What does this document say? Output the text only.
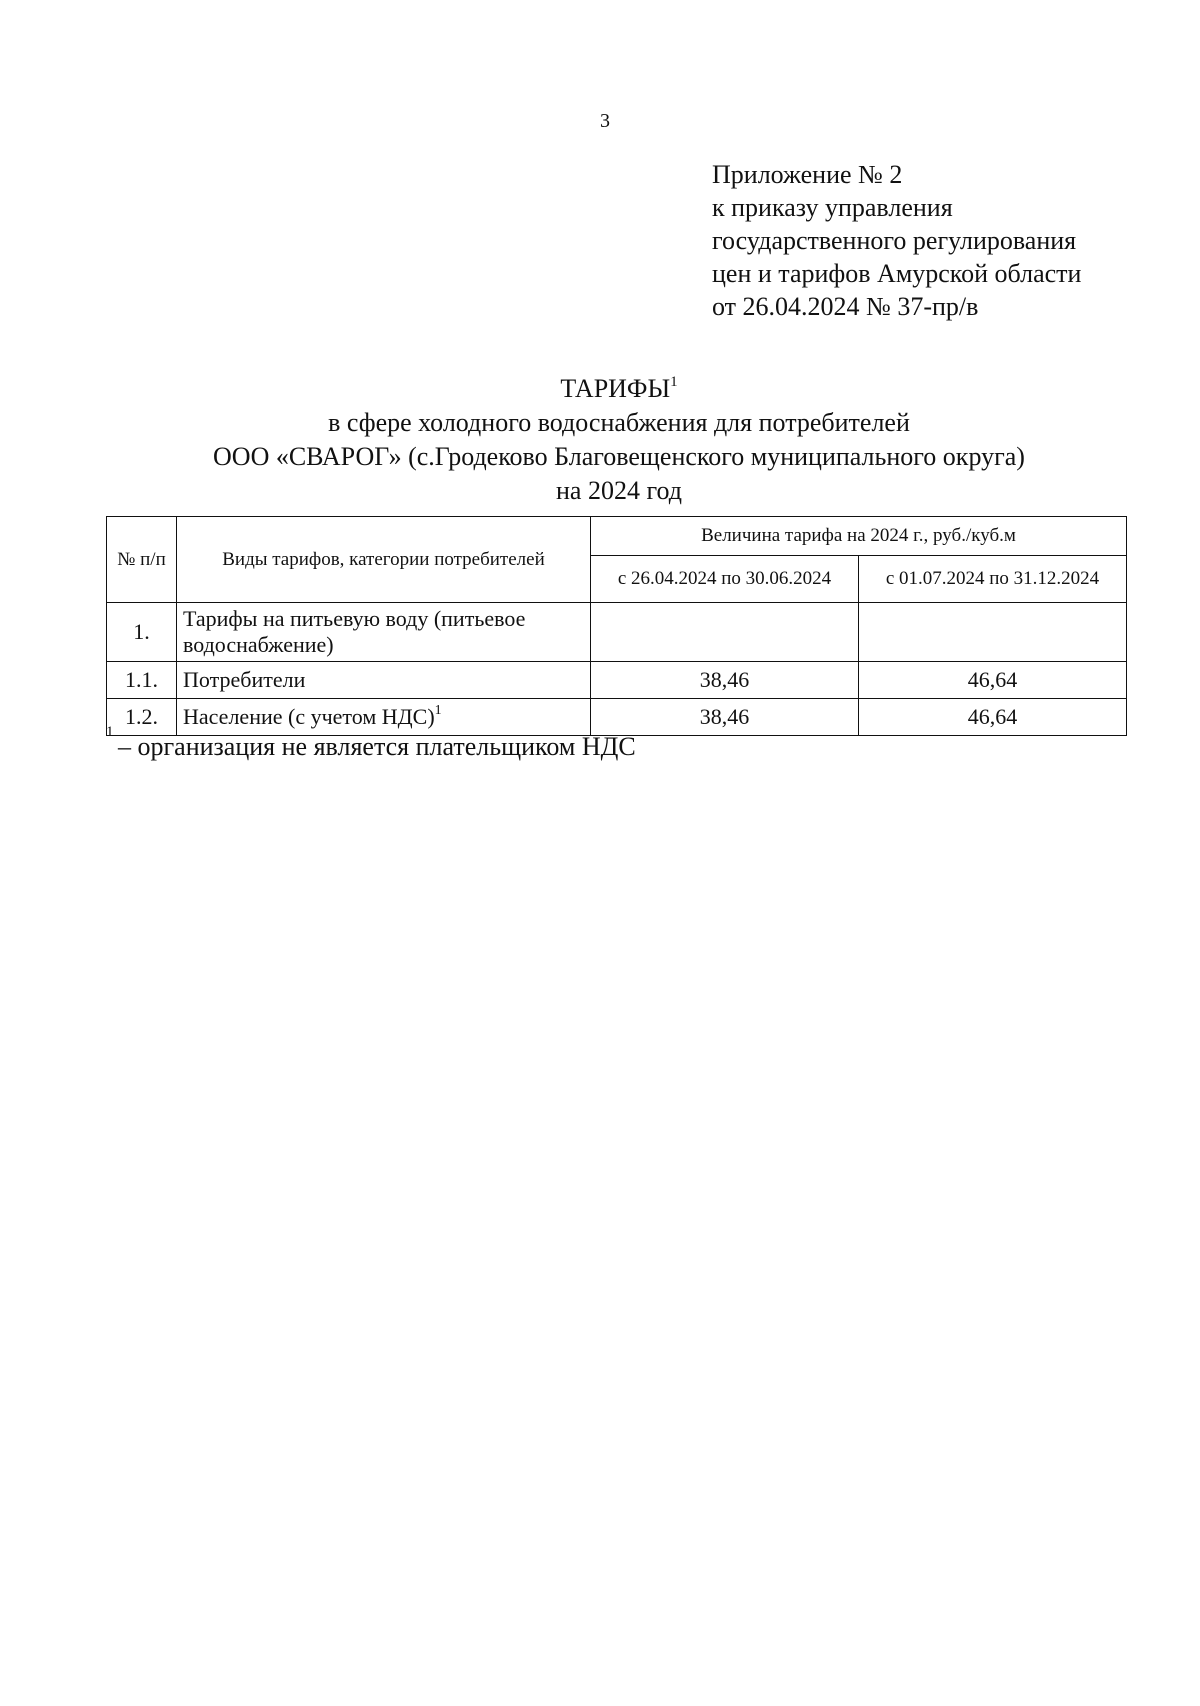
3
Приложение № 2
к приказу управления
государственного регулирования
цен и тарифов Амурской области
от 26.04.2024 № 37-пр/в
ТАРИФЫ$^1$
в сфере холодного водоснабжения для потребителей
ООО «СВАРОГ» (с.Гродеково Благовещенского муниципального округа)
на 2024 год
№ п/п	Виды тарифов, категории потребителей	Величина тарифа на 2024 г., руб./куб.м	
		с 26.04.2024 по 30.06.2024	с 01.07.2024 по 31.12.2024
1.	Тарифы на питьевую воду (питьевое водоснабжение)		
1.1.	Потребители	38,46	46,64
1.2.	Население (с учетом НДС)$^1$	38,46	46,64
1 – организация не является плательщиком НДС
